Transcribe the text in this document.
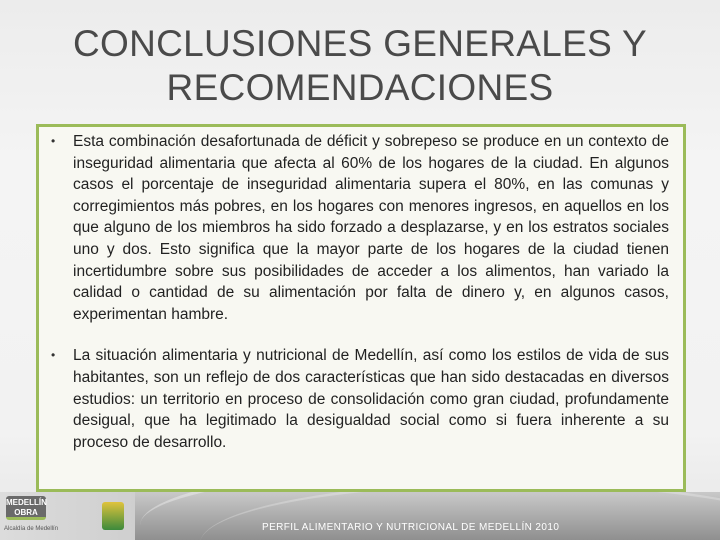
CONCLUSIONES GENERALES Y
RECOMENDACIONES
• Esta combinación desafortunada de déficit y sobrepeso se produce en un contexto de inseguridad alimentaria que afecta al 60% de los hogares de la ciudad. En algunos casos el porcentaje de inseguridad alimentaria supera el 80%, en las comunas y corregimientos más pobres, en los hogares con menores ingresos, en aquellos en los que alguno de los miembros ha sido forzado a desplazarse, y en los estratos sociales uno y dos. Esto significa que la mayor parte de los hogares de la ciudad tienen incertidumbre sobre sus posibilidades de acceder a los alimentos, han variado la calidad o cantidad de su alimentación por falta de dinero y, en algunos casos, experimentan hambre.
• La situación alimentaria y nutricional de Medellín, así como los estilos de vida de sus habitantes, son un reflejo de dos características que han sido destacadas en diversos estudios: un territorio en proceso de consolidación como gran ciudad, profundamente desigual, que ha legitimado la desigualdad social como si fuera inherente a su proceso de desarrollo.
PERFIL ALIMENTARIO Y NUTRICIONAL DE MEDELLÍN 2010
MEDELLÍN
OBRA
Alcaldía de Medellín
